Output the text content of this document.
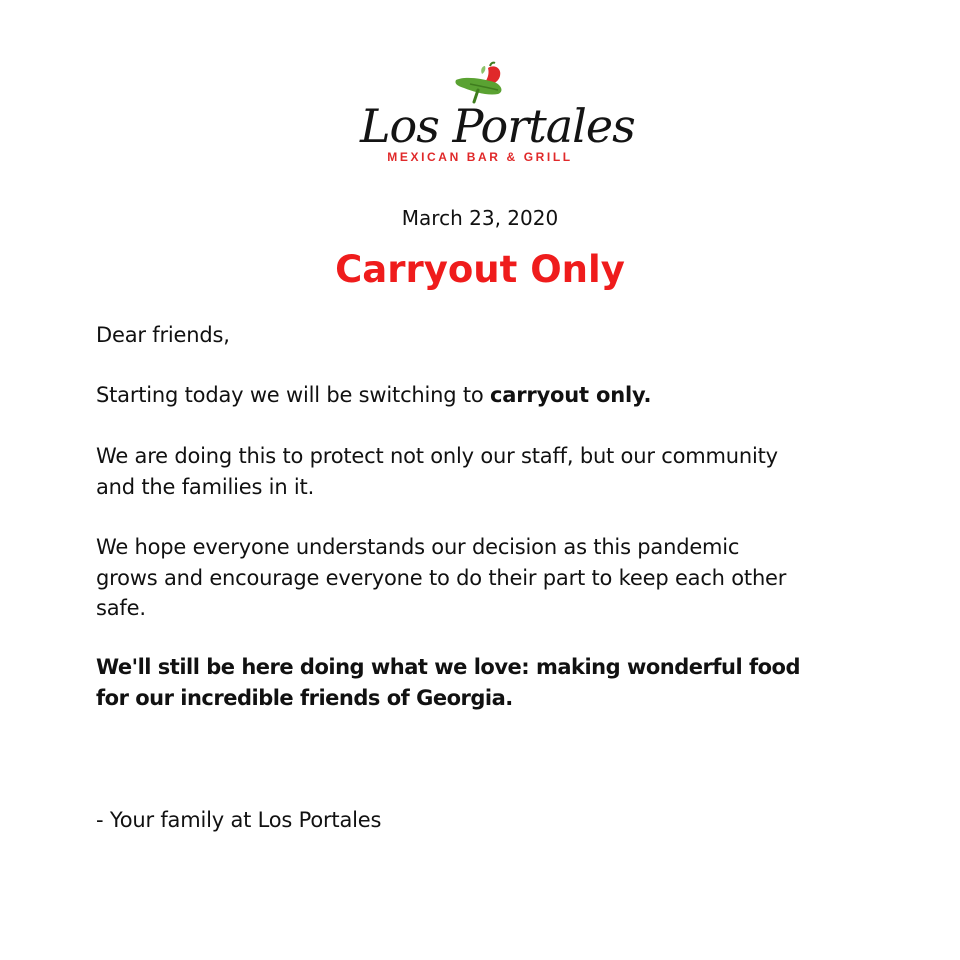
Los Portales
MEXICAN BAR & GRILL
March 23, 2020
Carryout Only
Dear friends,
Starting today we will be switching to carryout only.
We are doing this to protect not only our staff, but our community
and the families in it.
We hope everyone understands our decision as this pandemic
grows and encourage everyone to do their part to keep each other
safe.
We'll still be here doing what we love: making wonderful food
for our incredible friends of Georgia.
- Your family at Los Portales
